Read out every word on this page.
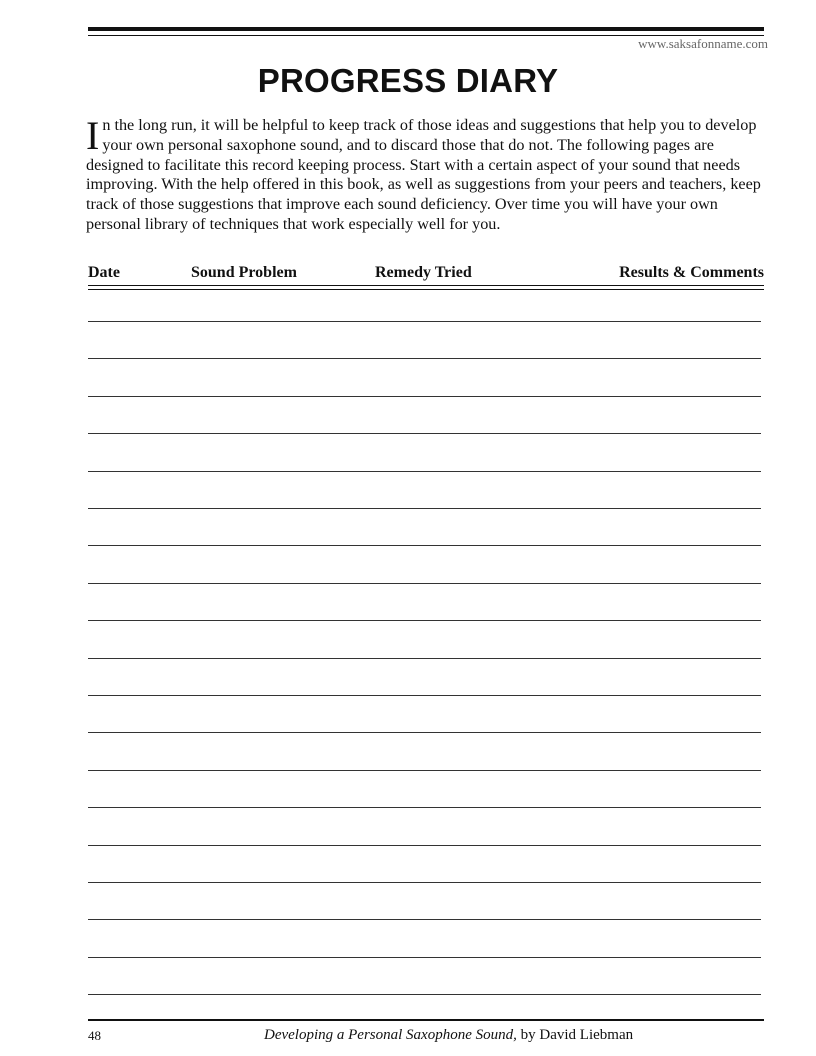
www.saksafonname.com
PROGRESS DIARY

In the long run, it will be helpful to keep track of those ideas and suggestions that help you to develop your own personal saxophone sound, and to discard those that do not. The following pages are designed to facilitate this record keeping process. Start with a certain aspect of your sound that needs improving. With the help offered in this book, as well as suggestions from your peers and teachers, keep track of those suggestions that improve each sound deficiency. Over time you will have your own personal library of techniques that work especially well for you.

Date	Sound Problem	Remedy Tried	Results & Comments
48	Developing a Personal Saxophone Sound, by David Liebman
